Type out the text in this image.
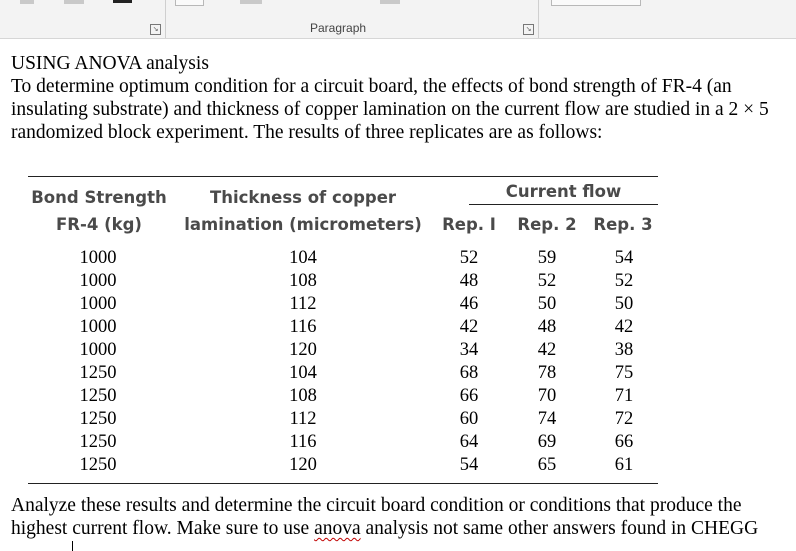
↘	Paragraph	↘

USING ANOVA analysis

To determine optimum condition for a circuit board, the effects of bond strength of FR-4 (an
insulating substrate) and thickness of copper lamination on the current flow are studied in a 2 × 5
randomized block experiment. The results of three replicates are as follows:

Bond Strength
FR-4 (kg)
Thickness of copper
lamination (micrometers)
Current flow
Rep. I	Rep. 2	Rep. 3
1000	104	52	59	54
1000	108	48	52	52
1000	112	46	50	50
1000	116	42	48	42
1000	120	34	42	38
1250	104	68	78	75
1250	108	66	70	71
1250	112	60	74	72
1250	116	64	69	66
1250	120	54	65	61
Analyze these results and determine the circuit board condition or conditions that produce the
highest current flow. Make sure to use anova analysis not same other answers found in CHEGG
